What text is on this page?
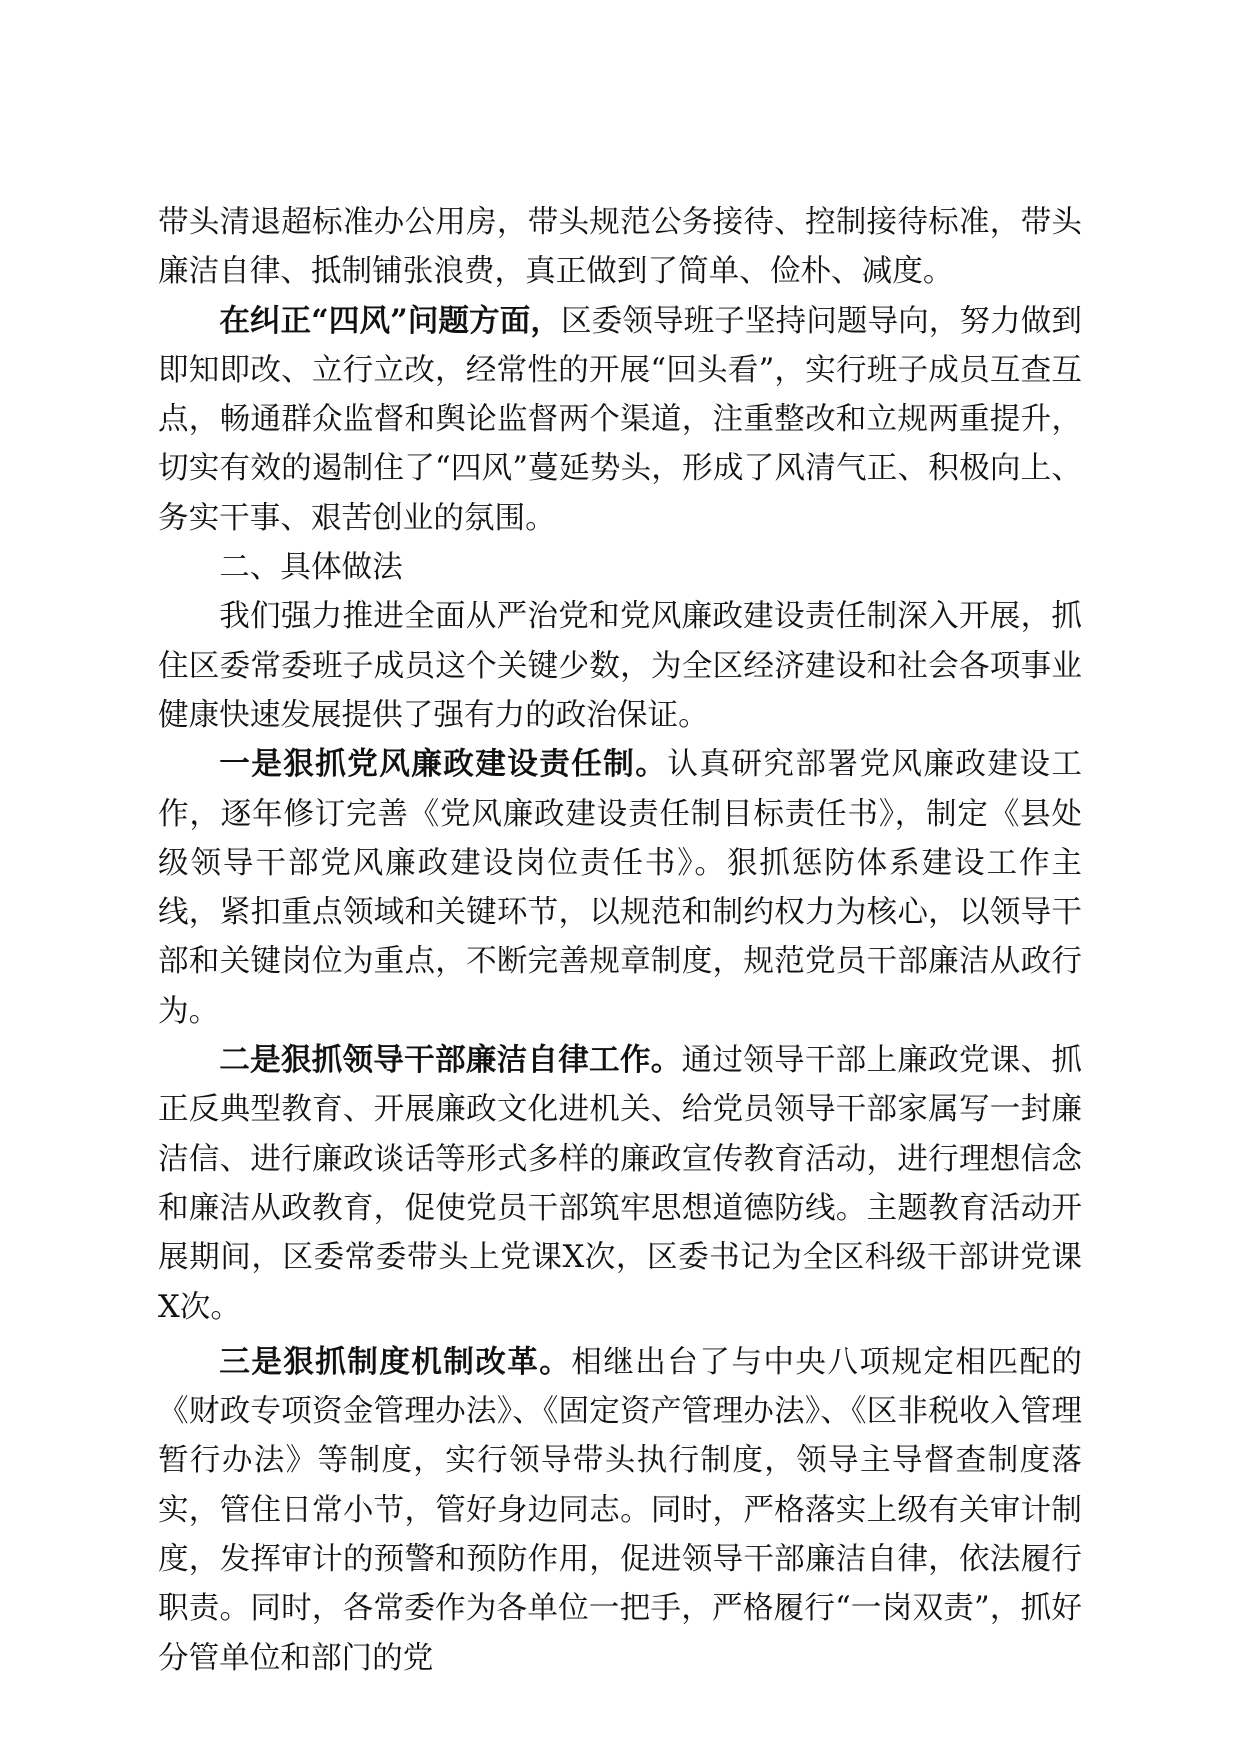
带头清退超标准办公用房，带头规范公务接待、控制接待标准，带头廉洁自律、抵制铺张浪费，真正做到了简单、俭朴、减度。

在纠正“四风”问题方面，区委领导班子坚持问题导向，努力做到即知即改、立行立改，经常性的开展“回头看”，实行班子成员互查互点，畅通群众监督和舆论监督两个渠道，注重整改和立规两重提升，切实有效的遏制住了“四风”蔓延势头，形成了风清气正、积极向上、务实干事、艰苦创业的氛围。

二、具体做法

我们强力推进全面从严治党和党风廉政建设责任制深入开展，抓住区委常委班子成员这个关键少数，为全区经济建设和社会各项事业健康快速发展提供了强有力的政治保证。

一是狠抓党风廉政建设责任制。认真研究部署党风廉政建设工作，逐年修订完善《党风廉政建设责任制目标责任书》，制定《县处级领导干部党风廉政建设岗位责任书》。狠抓惩防体系建设工作主线，紧扣重点领域和关键环节，以规范和制约权力为核心，以领导干部和关键岗位为重点，不断完善规章制度，规范党员干部廉洁从政行为。

二是狠抓领导干部廉洁自律工作。通过领导干部上廉政党课、抓正反典型教育、开展廉政文化进机关、给党员领导干部家属写一封廉洁信、进行廉政谈话等形式多样的廉政宣传教育活动，进行理想信念和廉洁从政教育，促使党员干部筑牢思想道德防线。主题教育活动开展期间，区委常委带头上党课X次，区委书记为全区科级干部讲党课X次。

三是狠抓制度机制改革。相继出台了与中央八项规定相匹配的《财政专项资金管理办法》、《固定资产管理办法》、《区非税收入管理暂行办法》等制度，实行领导带头执行制度，领导主导督查制度落实，管住日常小节，管好身边同志。同时，严格落实上级有关审计制度，发挥审计的预警和预防作用，促进领导干部廉洁自律，依法履行职责。同时，各常委作为各单位一把手，严格履行“一岗双责”，抓好分管单位和部门的党
